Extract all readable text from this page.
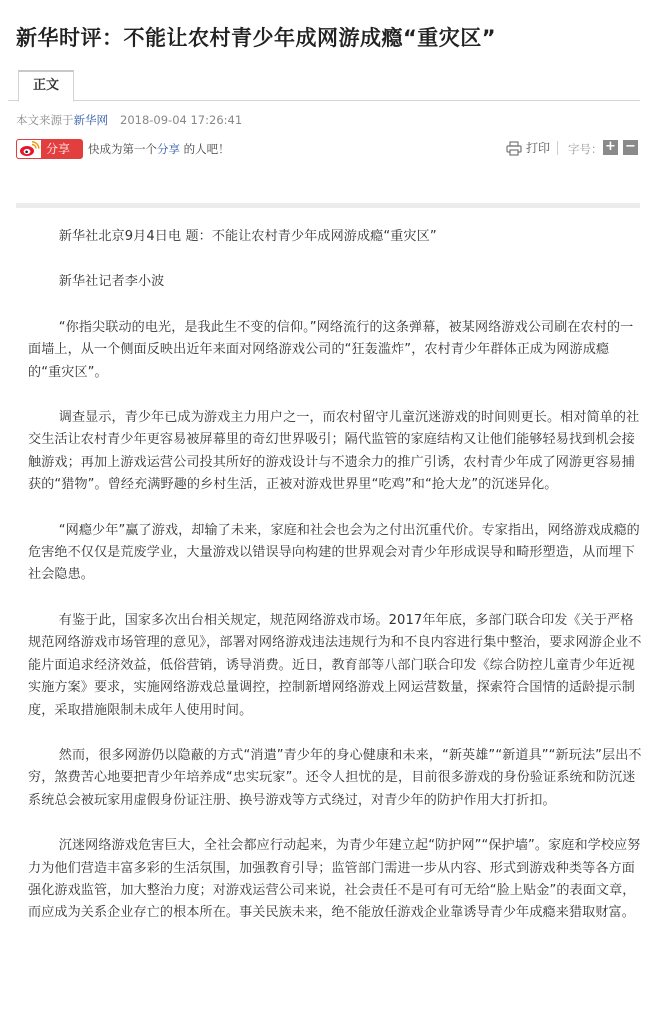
新华时评：不能让农村青少年成网游成瘾“重灾区”
正文
本文来源于新华网 2018-09-04 17:26:41
分享 快成为第一个分享 的人吧！	打印 字号： + −

新华社北京9月4日电 题：不能让农村青少年成网游成瘾“重灾区”

新华社记者李小波

“你指尖联动的电光，是我此生不变的信仰。”网络流行的这条弹幕，被某网络游戏公司刷在农村的一面墙上，从一个侧面反映出近年来面对网络游戏公司的“狂轰滥炸”，农村青少年群体正成为网游成瘾的“重灾区”。

调查显示，青少年已成为游戏主力用户之一，而农村留守儿童沉迷游戏的时间则更长。相对简单的社交生活让农村青少年更容易被屏幕里的奇幻世界吸引；隔代监管的家庭结构又让他们能够轻易找到机会接触游戏；再加上游戏运营公司投其所好的游戏设计与不遗余力的推广引诱，农村青少年成了网游更容易捕获的“猎物”。曾经充满野趣的乡村生活，正被对游戏世界里“吃鸡”和“抢大龙”的沉迷异化。

“网瘾少年”赢了游戏，却输了未来，家庭和社会也会为之付出沉重代价。专家指出，网络游戏成瘾的危害绝不仅仅是荒废学业，大量游戏以错误导向构建的世界观会对青少年形成误导和畸形塑造，从而埋下社会隐患。

有鉴于此，国家多次出台相关规定，规范网络游戏市场。2017年年底，多部门联合印发《关于严格规范网络游戏市场管理的意见》，部署对网络游戏违法违规行为和不良内容进行集中整治，要求网游企业不能片面追求经济效益，低俗营销，诱导消费。近日，教育部等八部门联合印发《综合防控儿童青少年近视实施方案》要求，实施网络游戏总量调控，控制新增网络游戏上网运营数量，探索符合国情的适龄提示制度，采取措施限制未成年人使用时间。

然而，很多网游仍以隐蔽的方式“消遣”青少年的身心健康和未来，“新英雄”“新道具”“新玩法”层出不穷，煞费苦心地要把青少年培养成“忠实玩家”。还令人担忧的是，目前很多游戏的身份验证系统和防沉迷系统总会被玩家用虚假身份证注册、换号游戏等方式绕过，对青少年的防护作用大打折扣。

沉迷网络游戏危害巨大，全社会都应行动起来，为青少年建立起“防护网”“保护墙”。家庭和学校应努力为他们营造丰富多彩的生活氛围，加强教育引导；监管部门需进一步从内容、形式到游戏种类等各方面强化游戏监管，加大整治力度；对游戏运营公司来说，社会责任不是可有可无给“脸上贴金”的表面文章，而应成为关系企业存亡的根本所在。事关民族未来，绝不能放任游戏企业靠诱导青少年成瘾来猎取财富。
